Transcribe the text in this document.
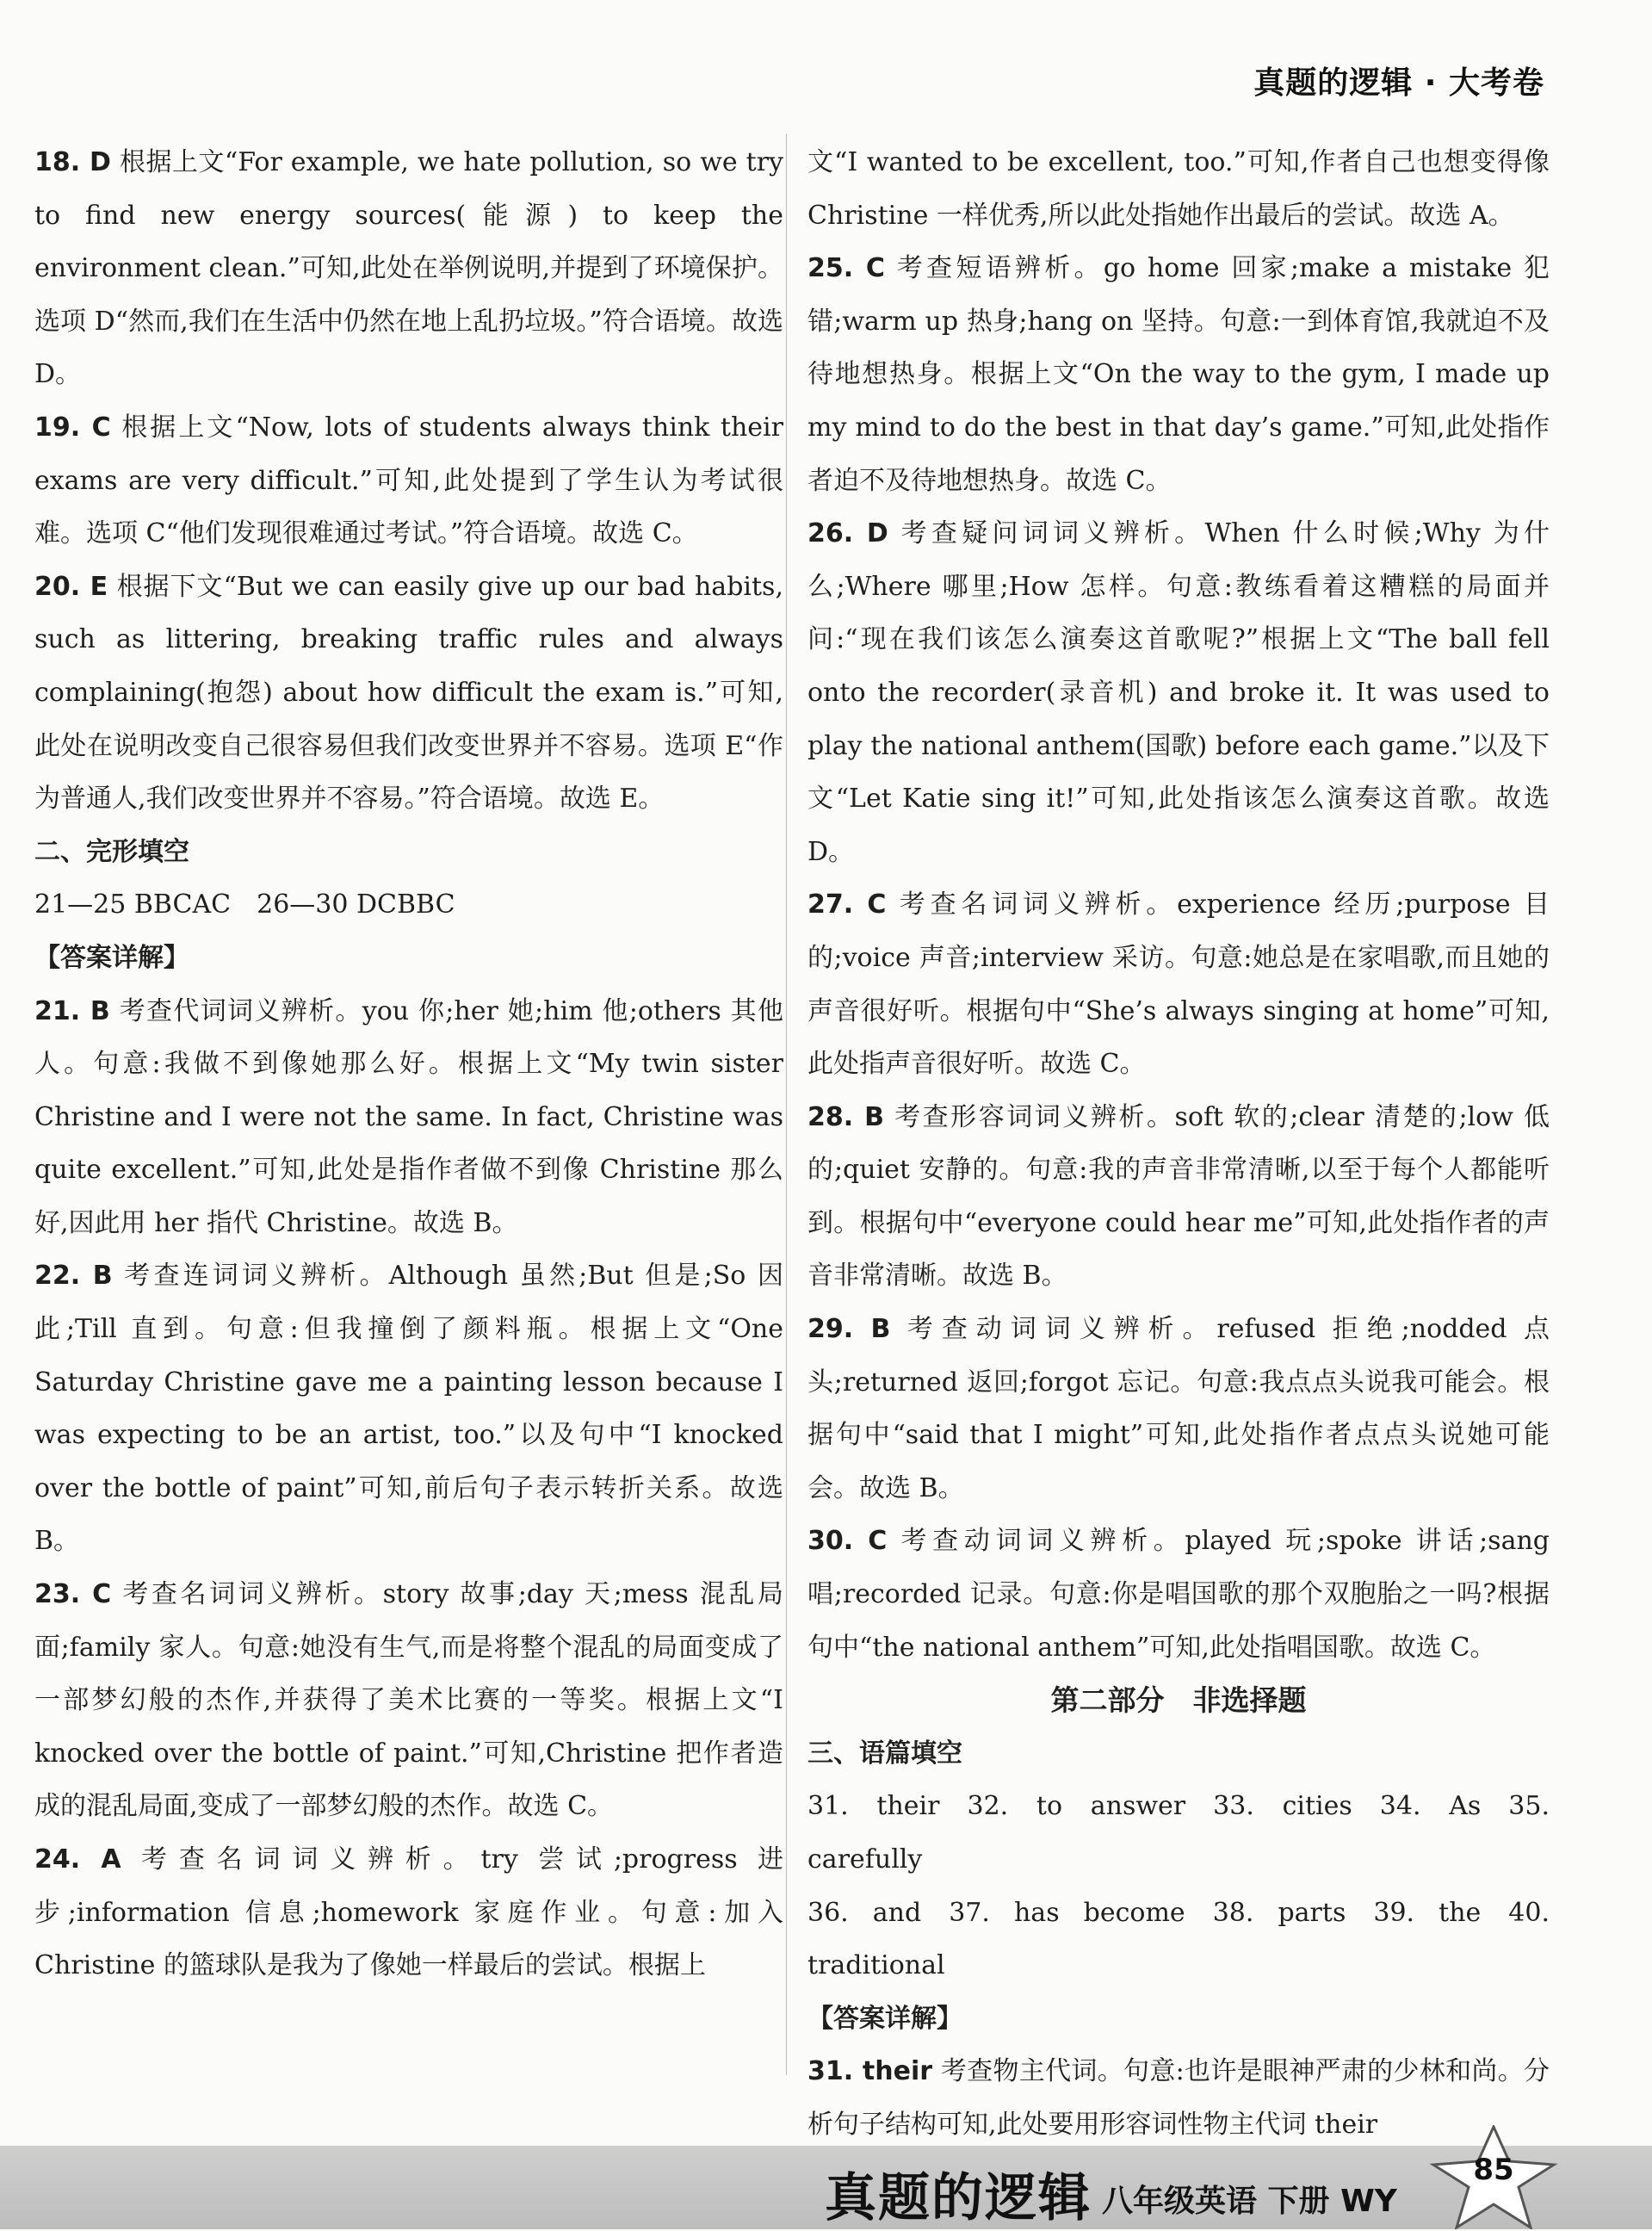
真题的逻辑 · 大考卷

18. D 根据上文“For example, we hate pollution, so we try to find new energy sources(能源) to keep the environment clean.”可知,此处在举例说明,并提到了环境保护。选项 D“然而,我们在生活中仍然在地上乱扔垃圾。”符合语境。故选 D。

19. C 根据上文“Now, lots of students always think their exams are very difficult.”可知,此处提到了学生认为考试很难。选项 C“他们发现很难通过考试。”符合语境。故选 C。

20. E 根据下文“But we can easily give up our bad habits, such as littering, breaking traffic rules and always complaining(抱怨) about how difficult the exam is.”可知,此处在说明改变自己很容易但我们改变世界并不容易。选项 E“作为普通人,我们改变世界并不容易。”符合语境。故选 E。

二、完形填空

21—25 BBCAC　26—30 DCBBC

【答案详解】

21. B 考查代词词义辨析。you 你;her 她;him 他;others 其他人。句意:我做不到像她那么好。根据上文“My twin sister Christine and I were not the same. In fact, Christine was quite excellent.”可知,此处是指作者做不到像 Christine 那么好,因此用 her 指代 Christine。故选 B。

22. B 考查连词词义辨析。Although 虽然;But 但是;So 因此;Till 直到。句意:但我撞倒了颜料瓶。根据上文“One Saturday Christine gave me a painting lesson because I was expecting to be an artist, too.”以及句中“I knocked over the bottle of paint”可知,前后句子表示转折关系。故选 B。

23. C 考查名词词义辨析。story 故事;day 天;mess 混乱局面;family 家人。句意:她没有生气,而是将整个混乱的局面变成了一部梦幻般的杰作,并获得了美术比赛的一等奖。根据上文“I knocked over the bottle of paint.”可知,Christine 把作者造成的混乱局面,变成了一部梦幻般的杰作。故选 C。

24. A 考查名词词义辨析。try 尝试;progress 进步;information 信息;homework 家庭作业。句意:加入 Christine 的篮球队是我为了像她一样最后的尝试。根据上

文“I wanted to be excellent, too.”可知,作者自己也想变得像 Christine 一样优秀,所以此处指她作出最后的尝试。故选 A。

25. C 考查短语辨析。go home 回家;make a mistake 犯错;warm up 热身;hang on 坚持。句意:一到体育馆,我就迫不及待地想热身。根据上文“On the way to the gym, I made up my mind to do the best in that day’s game.”可知,此处指作者迫不及待地想热身。故选 C。

26. D 考查疑问词词义辨析。When 什么时候;Why 为什么;Where 哪里;How 怎样。句意:教练看着这糟糕的局面并问:“现在我们该怎么演奏这首歌呢?”根据上文“The ball fell onto the recorder(录音机) and broke it. It was used to play the national anthem(国歌) before each game.”以及下文“Let Katie sing it!”可知,此处指该怎么演奏这首歌。故选 D。

27. C 考查名词词义辨析。experience 经历;purpose 目的;voice 声音;interview 采访。句意:她总是在家唱歌,而且她的声音很好听。根据句中“She’s always singing at home”可知,此处指声音很好听。故选 C。

28. B 考查形容词词义辨析。soft 软的;clear 清楚的;low 低的;quiet 安静的。句意:我的声音非常清晰,以至于每个人都能听到。根据句中“everyone could hear me”可知,此处指作者的声音非常清晰。故选 B。

29. B 考查动词词义辨析。refused 拒绝;nodded 点头;returned 返回;forgot 忘记。句意:我点点头说我可能会。根据句中“said that I might”可知,此处指作者点点头说她可能会。故选 B。

30. C 考查动词词义辨析。played 玩;spoke 讲话;sang 唱;recorded 记录。句意:你是唱国歌的那个双胞胎之一吗?根据句中“the national anthem”可知,此处指唱国歌。故选 C。

第二部分　非选择题

三、语篇填空

31. their 32. to answer 33. cities 34. As 35. carefully

36. and 37. has become 38. parts 39. the 40. traditional

【答案详解】

31. their 考查物主代词。句意:也许是眼神严肃的少林和尚。分析句子结构可知,此处要用形容词性物主代词 their

真题的逻辑 八年级英语 下册 WY
85
